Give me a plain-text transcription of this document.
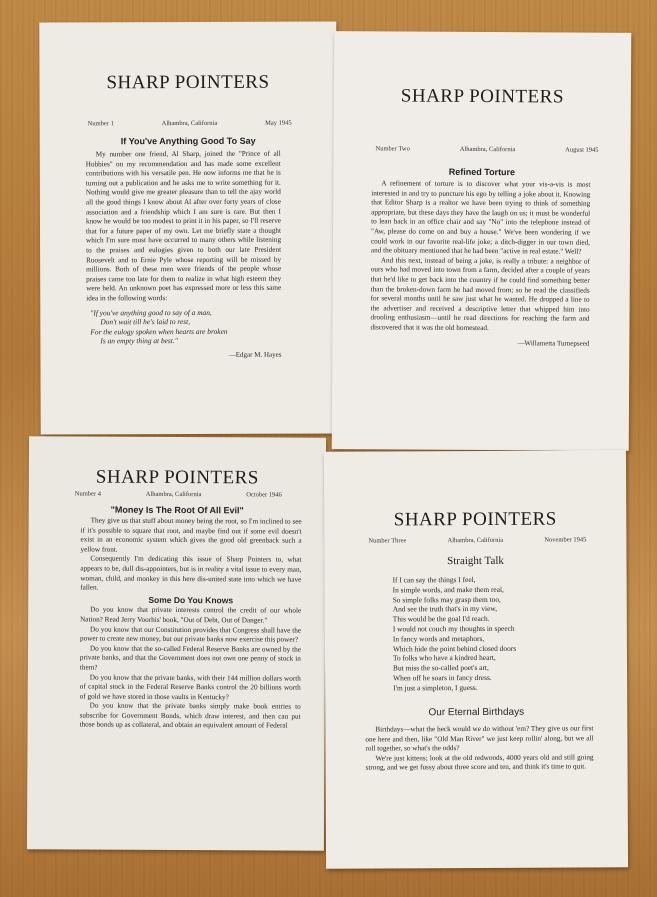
SHARP POINTERS
Number 1	Alhambra, California	May 1945
If You've Anything Good To Say

My number one friend, Al Sharp, joined the "Prince of all Hobbies" on my recommendation and has made some excellent contributions with his versatile pen. He now informs me that he is turning out a publication and he asks me to write something for it. Nothing would give me greater pleasure than to tell the ajay world all the good things I know about Al after over forty years of close association and a friendship which I am sure is rare. But then I know he would be too modest to print it in his paper, so I'll reserve that for a future paper of my own. Let me briefly state a thought which I'm sure must have occurred to many others while listening to the praises and eulogies given to both our late President Roosevelt and to Ernie Pyle whose reporting will be missed by millions. Both of these men were friends of the people whose praises came too late for them to realize in what high esteem they were held. An unknown poet has expressed more or less this same idea in the following words:

"If you've anything good to say of a man,
Don't wait till he's laid to rest,
For the eulogy spoken when hearts are broken
Is an empty thing at best."
—Edgar M. Hayes
SHARP POINTERS
Number Two	Alhambra, California	August 1945
Refined Torture

A refinement of torture is to discover what your vis-a-vis is most interested in and try to puncture his ego by telling a joke about it. Knowing that Editor Sharp is a realtor we have been trying to think of something appropriate, but these days they have the laugh on us; it must be wonderful to lean back in an office chair and say "No" into the telephone instead of "Aw, please do come on and buy a house." We've been wondering if we could work in our favorite real-life joke; a ditch-digger in our town died, and the obituary mentioned that he had been "active in real estate." Well?

And this next, instead of being a joke, is really a tribute: a neighbor of ours who had moved into town from a farm, decided after a couple of years that he'd like to get back into the country if he could find something better than the broken-down farm he had moved from; so he read the classifieds for several months until he saw just what he wanted. He dropped a line to the advertiser and received a descriptive letter that whipped him into drooling enthusiasm—until he read directions for reaching the farm and discovered that it was the old homestead.

—Willametta Turnepseed
SHARP POINTERS
Number 4	Alhambra, California	October 1946
"Money Is The Root Of All Evil"

They give us that stuff about money being the root, so I'm inclined to see if it's possible to square that root, and maybe find out if some evil doesn't exist in an economic system which gives the good old greenback such a yellow front.

Consequently I'm dedicating this issue of Sharp Pointers to, what appears to be, dull dis-appointers, but is in reality a vital issue to every man, woman, child, and monkey in this here dis-united state into which we have fallen.

Some Do You Knows

Do you know that private interests control the credit of our whole Nation? Read Jerry Voorhis' book, "Out of Debt, Out of Danger."

Do you know that our Constitution provides that Congress shall have the power to create new money, but our private banks now exercise this power?

Do you know that the so-called Federal Reserve Banks are owned by the private banks, and that the Government does not own one penny of stock in them?

Do you know that the private banks, with their 144 million dollars worth of capital stock in the Federal Reserve Banks control the 20 billions worth of gold we have stored in those vaults in Kentucky?

Do you know that the private banks simply make book entries to subscribe for Government Bonds, which draw interest, and then can put those bonds up as collateral, and obtain an equivalent amount of Federal

SHARP POINTERS
Number Three	Alhambra, California	November 1945
Straight Talk
If I can say the things I feel,
In simple words, and make them real,
So simple folks may grasp them too,
And see the truth that's in my view,
This would be the goal I'd reach.
I would not couch my thoughts in speech
In fancy words and metaphors,
Which hide the point behind closed doors
To folks who have a kindred heart,
But miss the so-called poet's art,
When off he soars in fancy dress.
I'm just a simpleton, I guess.
Our Eternal Birthdays

Birthdays—what the heck would we do without 'em? They give us our first one here and then, like "Old Man River" we just keep rollin' along, but we all roll together, so what's the odds?

We're just kittens; look at the old redwoods, 4000 years old and still going strong, and we get fussy about three score and ten, and think it's time to quit.
